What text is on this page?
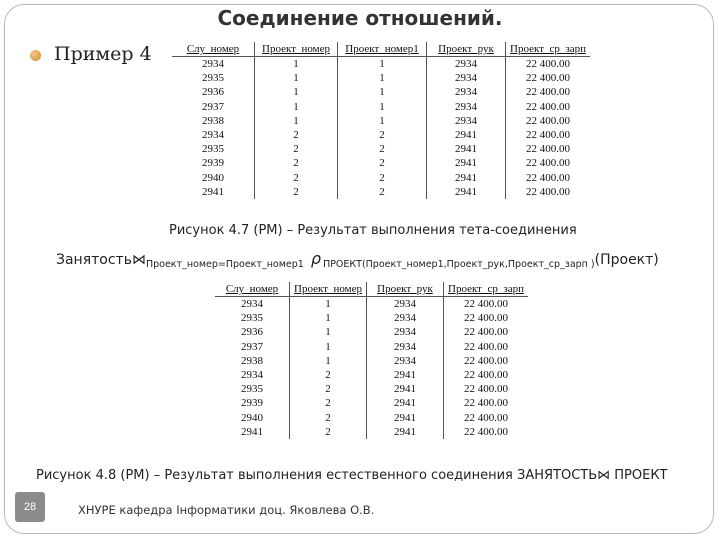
Соединение отношений.
Пример 4	Слу_номер	Проект_номер	Проект_номер1	Проект_рук	Проект_ср_зарп
2934	1	1	2934	22 400.00
2935	1	1	2934	22 400.00
2936	1	1	2934	22 400.00
2937	1	1	2934	22 400.00
2938	1	1	2934	22 400.00
2934	2	2	2941	22 400.00
2935	2	2	2941	22 400.00
2939	2	2	2941	22 400.00
2940	2	2	2941	22 400.00
2941	2	2	2941	22 400.00
Рисунок 4.7 (РМ) – Результат выполнения тета-соединения
Занятость⋈Проект_номер=Проект_номер1 ρ ПРОЕКТ(Проект_номер1,Проект_рук,Проект_ср_зарп )(Проект)
Слу_номер	Проект_номер	Проект_рук	Проект_ср_зарп
2934	1	2934	22 400.00
2935	1	2934	22 400.00
2936	1	2934	22 400.00
2937	1	2934	22 400.00
2938	1	2934	22 400.00
2934	2	2941	22 400.00
2935	2	2941	22 400.00
2939	2	2941	22 400.00
2940	2	2941	22 400.00
2941	2	2941	22 400.00
Рисунок 4.8 (РМ) – Результат выполнения естественного соединения ЗАНЯТОСТЬ⋈ ПРОЕКТ
28	ХНУРЕ кафедра Інформатики доц. Яковлева О.В.
